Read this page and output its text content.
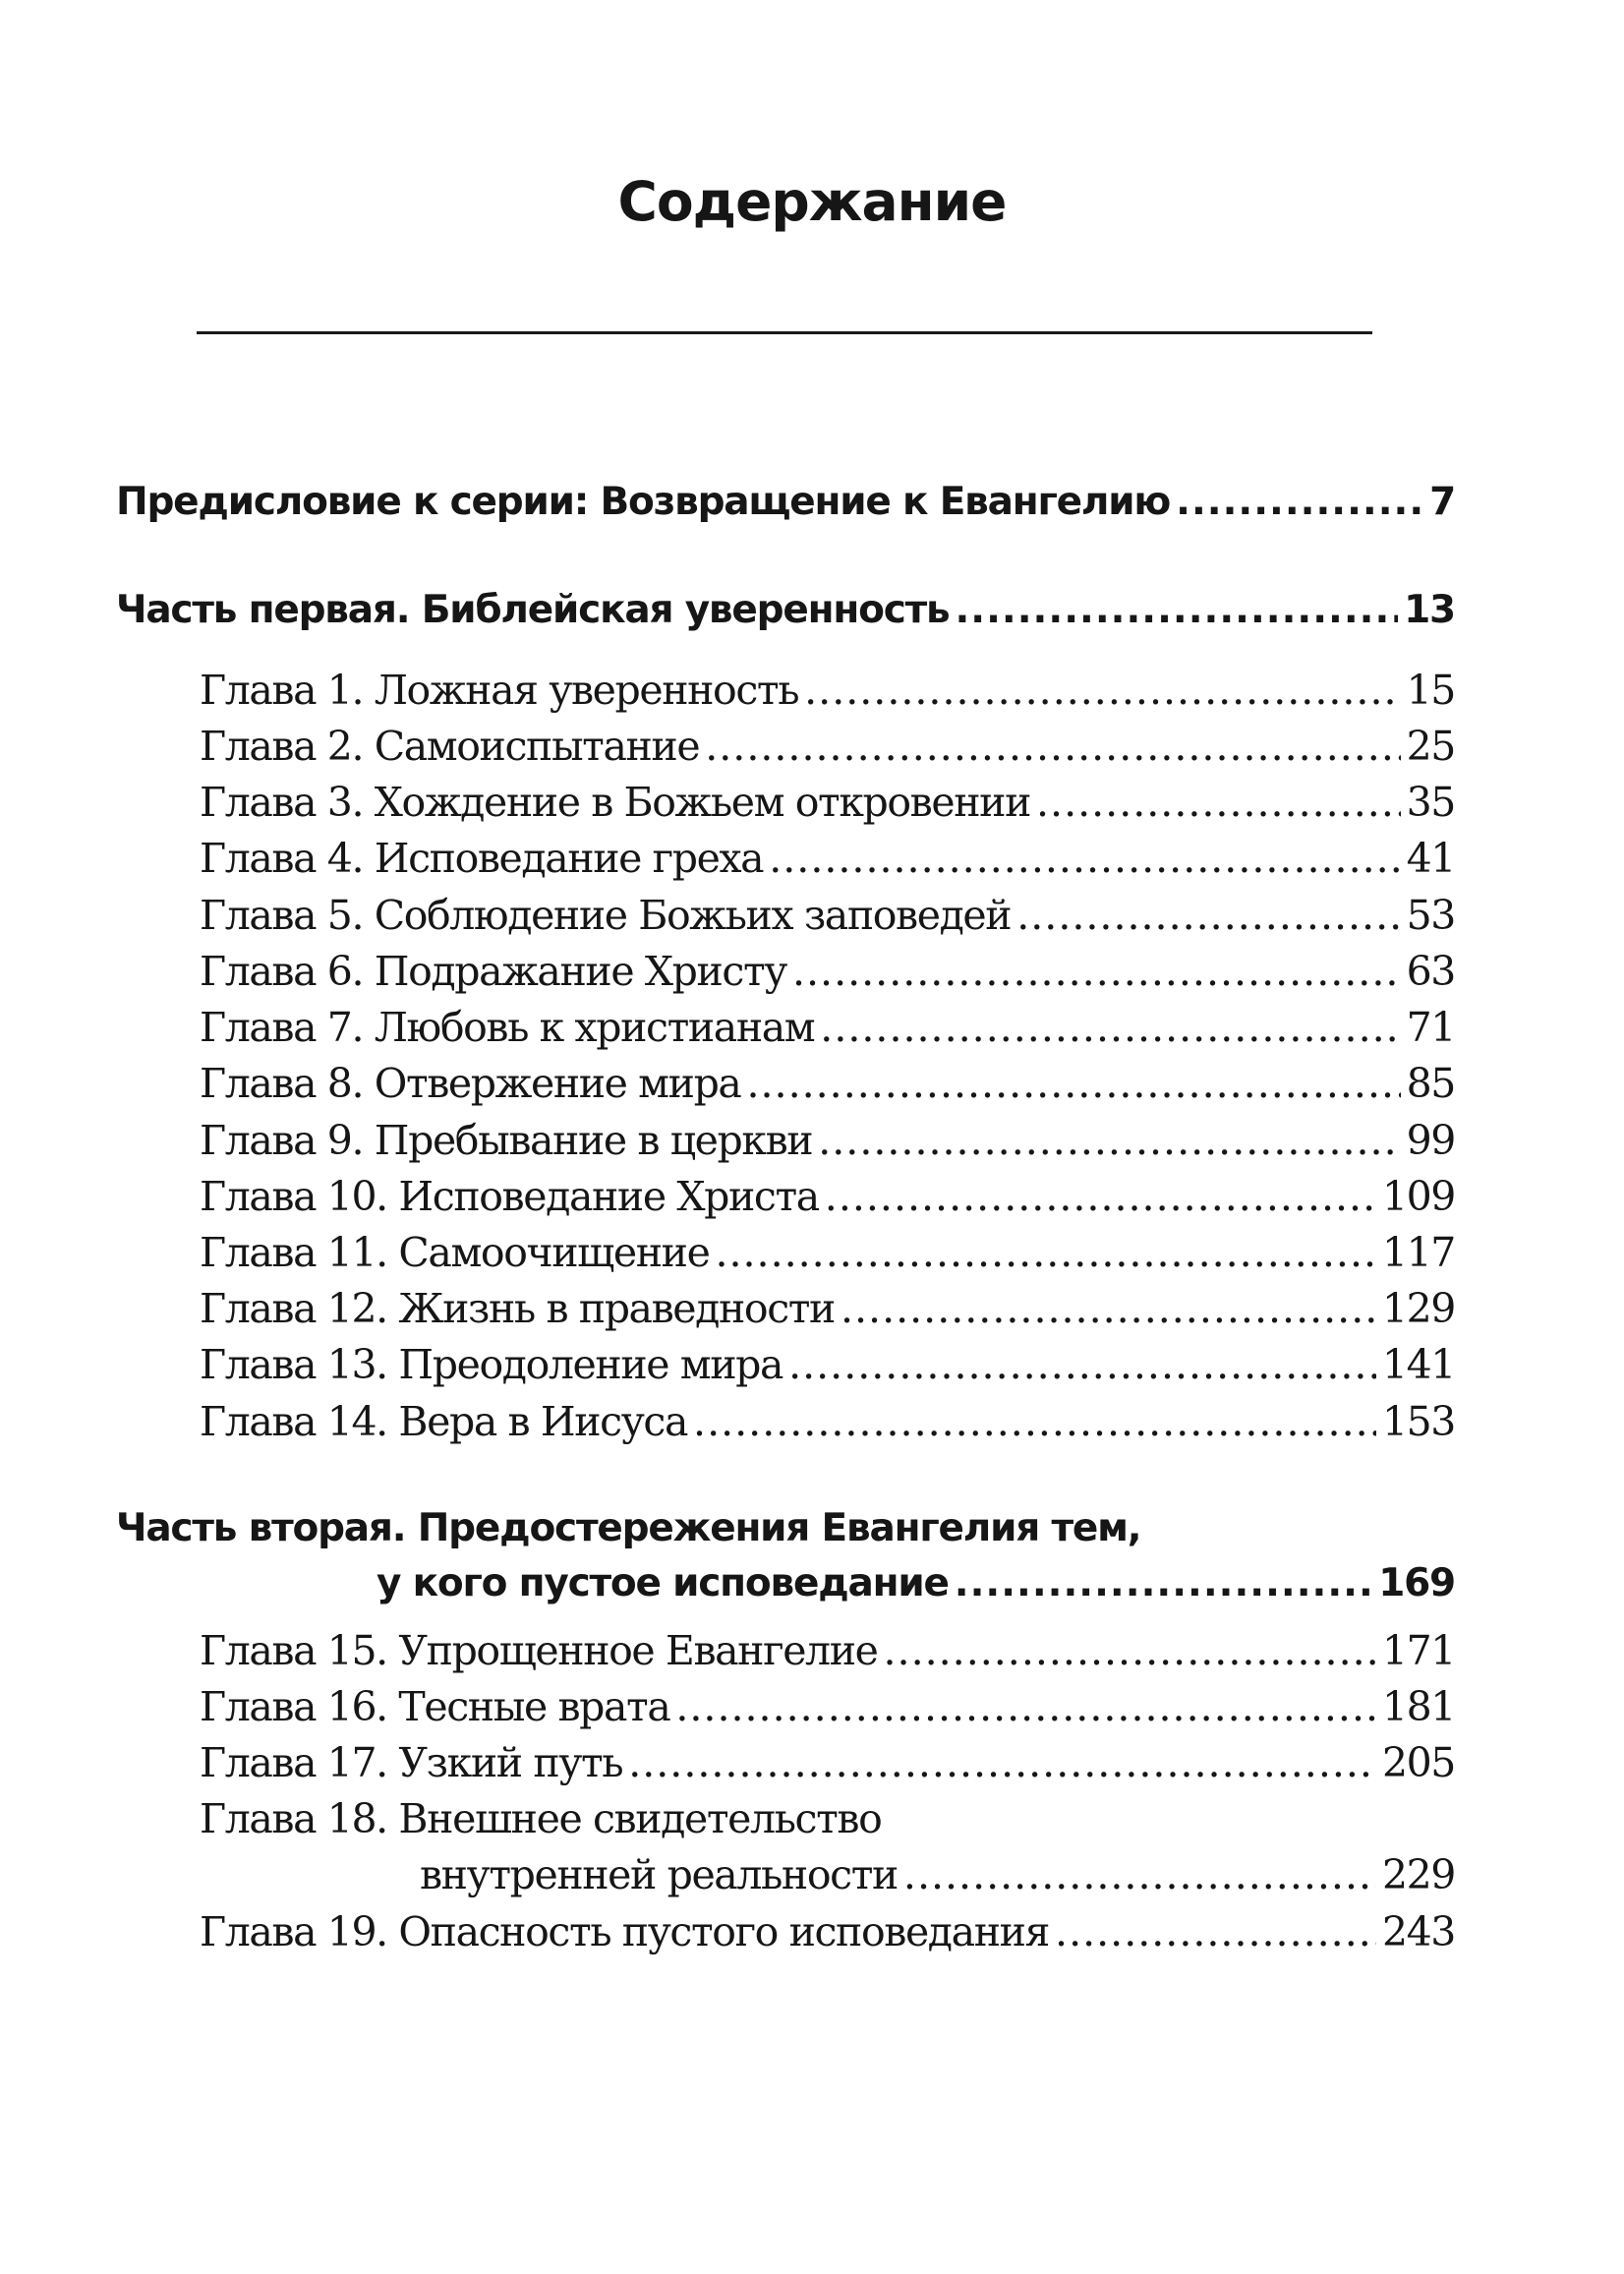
Содержание
Предисловие к серии: Возвращение к Евангелию .....	7
Часть первая. Библейская уверенность .....	13
Глава 1. Ложная уверенность .....	15
Глава 2. Самоиспытание .....	25
Глава 3. Хождение в Божьем откровении .....	35
Глава 4. Исповедание греха .....	41
Глава 5. Соблюдение Божьих заповедей .....	53
Глава 6. Подражание Христу .....	63
Глава 7. Любовь к христианам .....	71
Глава 8. Отвержение мира .....	85
Глава 9. Пребывание в церкви .....	99
Глава 10. Исповедание Христа .....	109
Глава 11. Самоочищение .....	117
Глава 12. Жизнь в праведности .....	129
Глава 13. Преодоление мира .....	141
Глава 14. Вера в Иисуса .....	153
Часть вторая. Предостережения Евангелия тем,
у кого пустое исповедание .....	169
Глава 15. Упрощенное Евангелие .....	171
Глава 16. Тесные врата .....	181
Глава 17. Узкий путь .....	205
Глава 18. Внешнее свидетельство
внутренней реальности .....	229
Глава 19. Опасность пустого исповедания .....	243
